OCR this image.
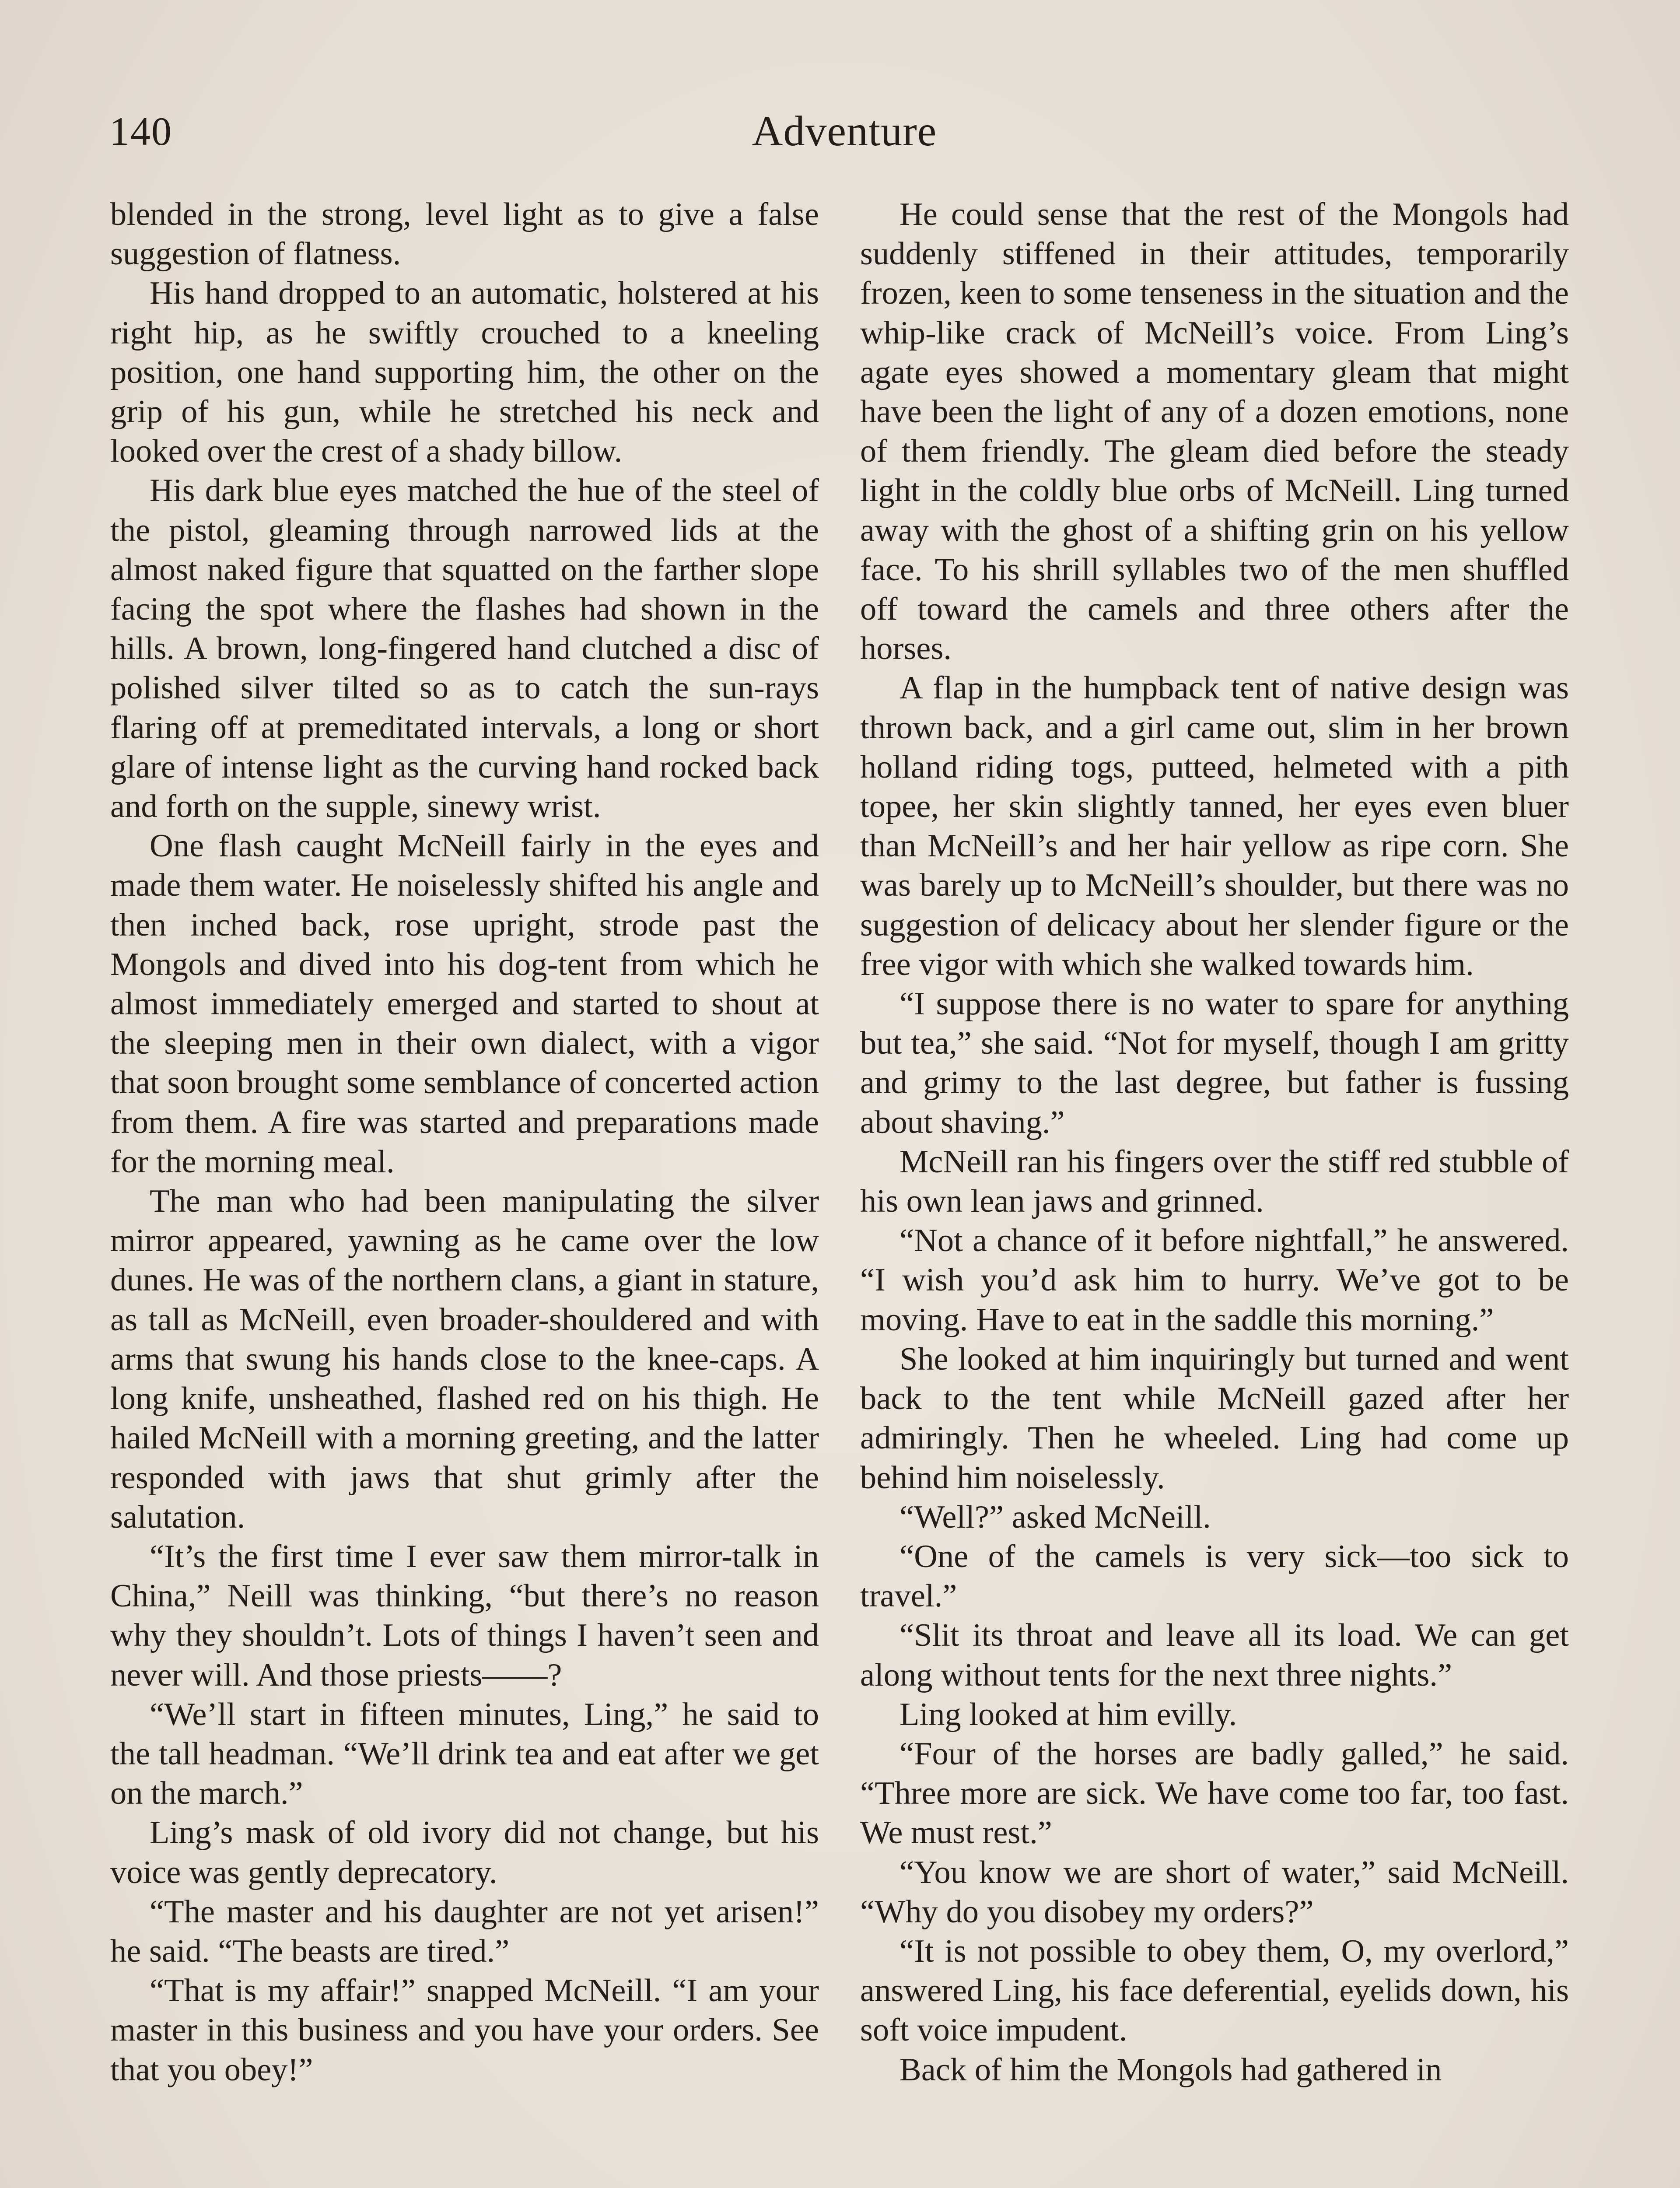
140	Adventure

blended in the strong, level light as to give a false suggestion of flatness.

His hand dropped to an automatic, holstered at his right hip, as he swiftly crouched to a kneeling position, one hand supporting him, the other on the grip of his gun, while he stretched his neck and looked over the crest of a shady billow.

His dark blue eyes matched the hue of the steel of the pistol, gleaming through narrowed lids at the almost naked figure that squatted on the farther slope facing the spot where the flashes had shown in the hills. A brown, long-fingered hand clutched a disc of polished silver tilted so as to catch the sun-rays flaring off at premeditated intervals, a long or short glare of intense light as the curving hand rocked back and forth on the supple, sinewy wrist.

One flash caught McNeill fairly in the eyes and made them water. He noiselessly shifted his angle and then inched back, rose upright, strode past the Mongols and dived into his dog-tent from which he almost immediately emerged and started to shout at the sleeping men in their own dialect, with a vigor that soon brought some semblance of concerted action from them. A fire was started and preparations made for the morning meal.

The man who had been manipulating the silver mirror appeared, yawning as he came over the low dunes. He was of the northern clans, a giant in stature, as tall as McNeill, even broader-shouldered and with arms that swung his hands close to the knee-caps. A long knife, unsheathed, flashed red on his thigh. He hailed McNeill with a morning greeting, and the latter responded with jaws that shut grimly after the salutation.

“It’s the first time I ever saw them mirror-talk in China,” Neill was thinking, “but there’s no reason why they shouldn’t. Lots of things I haven’t seen and never will. And those priests——?

“We’ll start in fifteen minutes, Ling,” he said to the tall headman. “We’ll drink tea and eat after we get on the march.”

Ling’s mask of old ivory did not change, but his voice was gently deprecatory.

“The master and his daughter are not yet arisen!” he said. “The beasts are tired.”

“That is my affair!” snapped McNeill. “I am your master in this business and you have your orders. See that you obey!”

He could sense that the rest of the Mongols had suddenly stiffened in their attitudes, temporarily frozen, keen to some tenseness in the situation and the whip-like crack of McNeill’s voice. From Ling’s agate eyes showed a momentary gleam that might have been the light of any of a dozen emotions, none of them friendly. The gleam died before the steady light in the coldly blue orbs of McNeill. Ling turned away with the ghost of a shifting grin on his yellow face. To his shrill syllables two of the men shuffled off toward the camels and three others after the horses.

A flap in the humpback tent of native design was thrown back, and a girl came out, slim in her brown holland riding togs, putteed, helmeted with a pith topee, her skin slightly tanned, her eyes even bluer than McNeill’s and her hair yellow as ripe corn. She was barely up to McNeill’s shoulder, but there was no suggestion of delicacy about her slender figure or the free vigor with which she walked towards him.

“I suppose there is no water to spare for anything but tea,” she said. “Not for myself, though I am gritty and grimy to the last degree, but father is fussing about shaving.”

McNeill ran his fingers over the stiff red stubble of his own lean jaws and grinned.

“Not a chance of it before nightfall,” he answered. “I wish you’d ask him to hurry. We’ve got to be moving. Have to eat in the saddle this morning.”

She looked at him inquiringly but turned and went back to the tent while McNeill gazed after her admiringly. Then he wheeled. Ling had come up behind him noiselessly.

“Well?” asked McNeill.

“One of the camels is very sick—too sick to travel.”

“Slit its throat and leave all its load. We can get along without tents for the next three nights.”

Ling looked at him evilly.

“Four of the horses are badly galled,” he said. “Three more are sick. We have come too far, too fast. We must rest.”

“You know we are short of water,” said McNeill. “Why do you disobey my orders?”

“It is not possible to obey them, O, my overlord,” answered Ling, his face deferential, eyelids down, his soft voice impudent.

Back of him the Mongols had gathered in
